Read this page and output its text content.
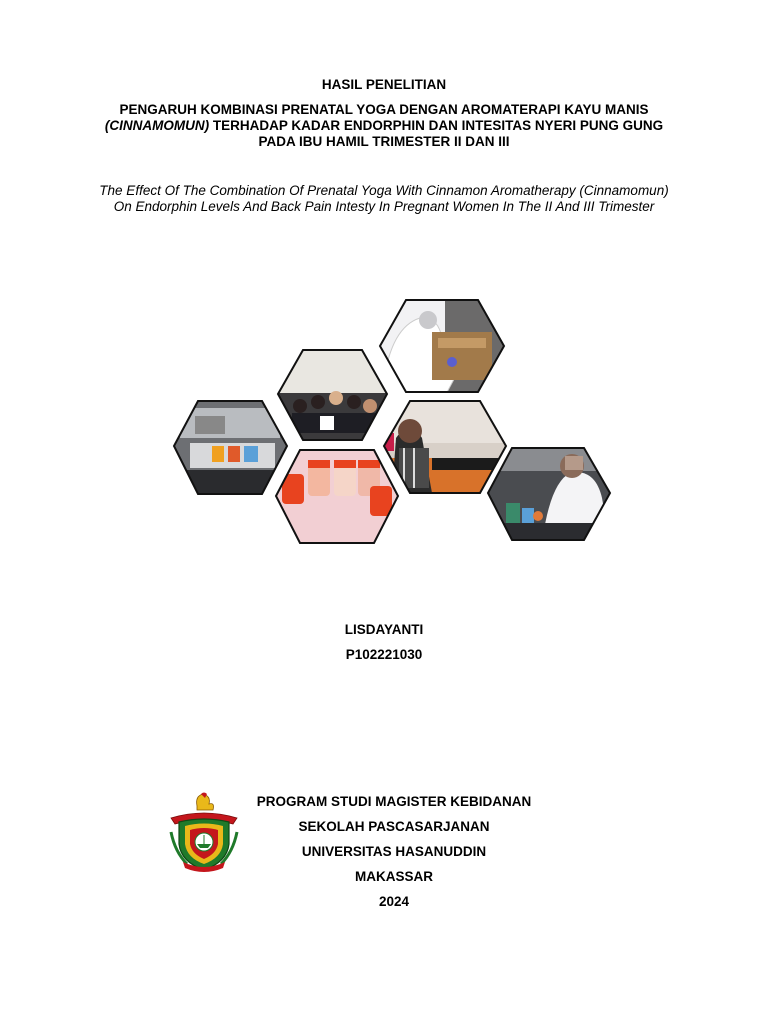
HASIL PENELITIAN
PENGARUH KOMBINASI PRENATAL YOGA DENGAN AROMATERAPI KAYU MANIS
(CINNAMOMUN) TERHADAP KADAR ENDORPHIN DAN INTESITAS NYERI PUNG GUNG
PADA IBU HAMIL TRIMESTER II DAN III
The Effect Of The Combination Of Prenatal Yoga With Cinnamon Aromatherapy (Cinnamomun)
On Endorphin Levels And Back Pain Intesty In Pregnant Women In The II And III Trimester
LISDAYANTI
P102221030
PROGRAM STUDI MAGISTER KEBIDANAN
SEKOLAH PASCASARJANAN
UNIVERSITAS HASANUDDIN
MAKASSAR
2024
